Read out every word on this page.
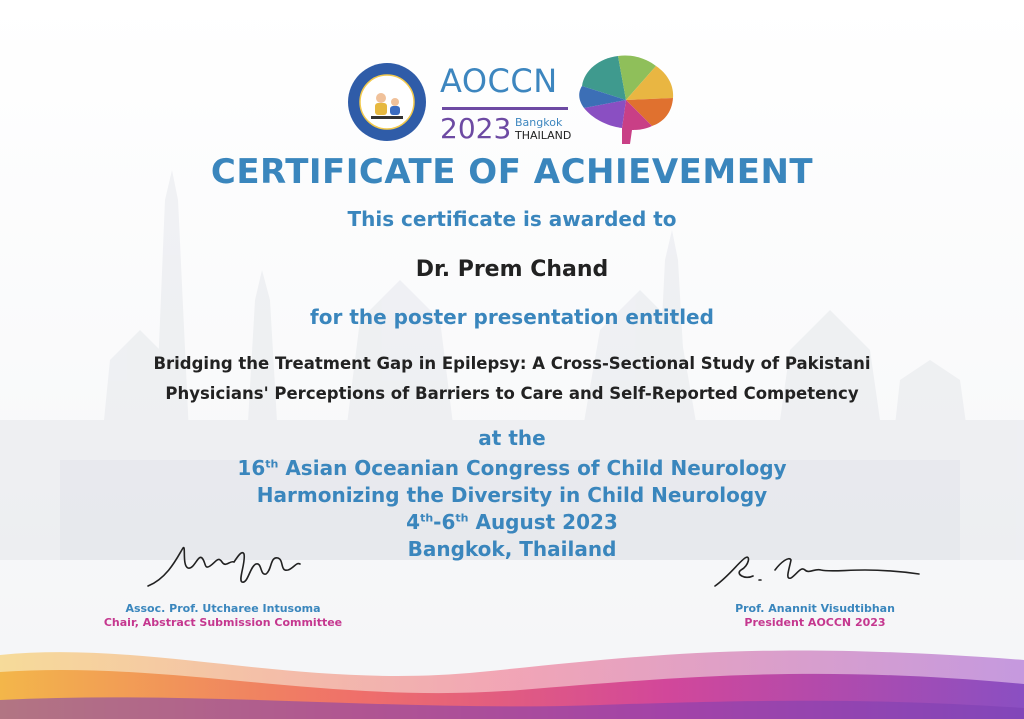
AOCCN
2023 Bangkok
THAILAND
CERTIFICATE OF ACHIEVEMENT
This certificate is awarded to
Dr. Prem Chand
for the poster presentation entitled
Bridging the Treatment Gap in Epilepsy: A Cross-Sectional Study of Pakistani
Physicians' Perceptions of Barriers to Care and Self-Reported Competency
at the
16th Asian Oceanian Congress of Child Neurology
Harmonizing the Diversity in Child Neurology
4th-6th August 2023
Bangkok, Thailand
Assoc. Prof. Utcharee Intusoma
Chair, Abstract Submission Committee
Prof. Anannit Visudtibhan
President AOCCN 2023
